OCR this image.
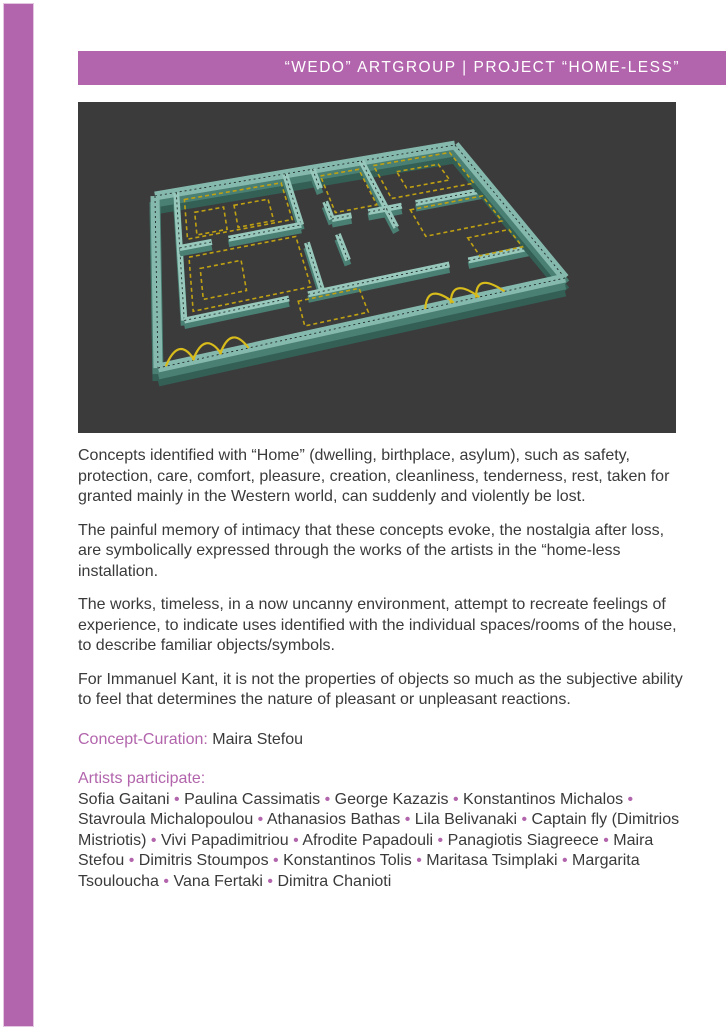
“WEDO” ARTGROUP | PROJECT “HOME-LESS”

Concepts identified with “Home” (dwelling, birthplace, asylum), such as safety, protection, care, comfort, pleasure, creation, cleanliness, tenderness, rest, taken for granted mainly in the Western world, can suddenly and violently be lost.

The painful memory of intimacy that these concepts evoke, the nostalgia after loss, are symbolically expressed through the works of the artists in the “home-less installation.

The works, timeless, in a now uncanny environment, attempt to recreate feelings of experience, to indicate uses identified with the individual spaces/rooms of the house, to describe familiar objects/symbols.

For Immanuel Kant, it is not the properties of objects so much as the subjective ability to feel that determines the nature of pleasant or unpleasant reactions.

Concept-Curation: Maira Stefou

Artists participate:
Sofia Gaitani • Paulina Cassimatis • George Kazazis • Konstantinos Michalos • Stavroula Michalopoulou • Athanasios Bathas • Lila Belivanaki • Captain fly (Dimitrios Mistriotis) • Vivi Papadimitriou • Afrodite Papadouli • Panagiotis Siagreece • Maira Stefou • Dimitris Stoumpos • Konstantinos Tolis • Maritasa Tsimplaki • Margarita Tsouloucha • Vana Fertaki • Dimitra Chanioti
